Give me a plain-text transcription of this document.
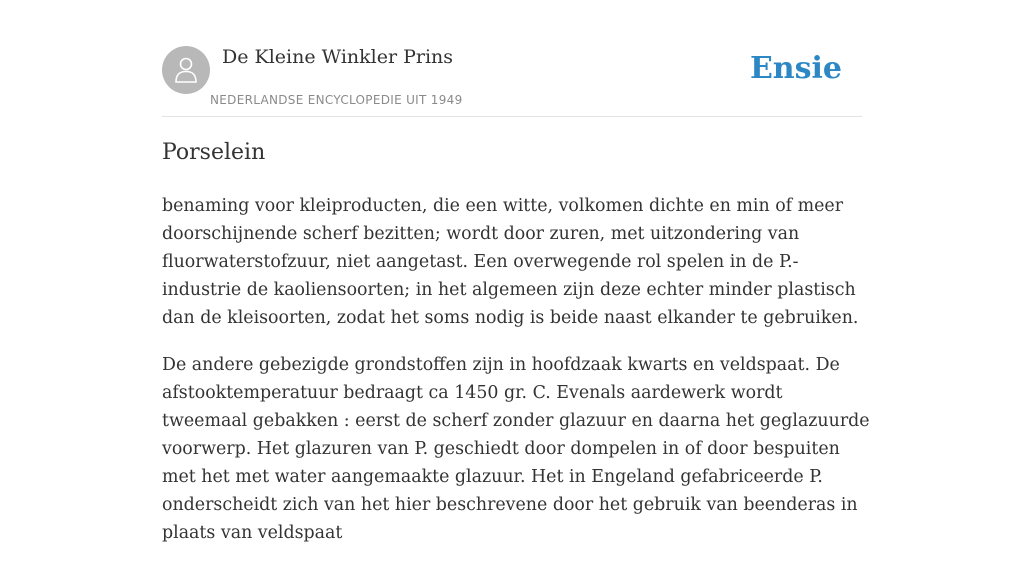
De Kleine Winkler Prins
NEDERLANDSE ENCYCLOPEDIE UIT 1949
Ensie
Porselein

benaming voor kleiproducten, die een witte, volkomen dichte en min of meer doorschijnende scherf bezitten; wordt door zuren, met uitzondering van fluorwaterstofzuur, niet aangetast. Een overwegende rol spelen in de P.-industrie de kaoliensoorten; in het algemeen zijn deze echter minder plastisch dan de kleisoorten, zodat het soms nodig is beide naast elkander te gebruiken.

De andere gebezigde grondstoffen zijn in hoofdzaak kwarts en veldspaat. De afstooktemperatuur bedraagt ca 1450 gr. C. Evenals aardewerk wordt tweemaal gebakken : eerst de scherf zonder glazuur en daarna het geglazuurde voorwerp. Het glazuren van P. geschiedt door dompelen in of door bespuiten met het met water aangemaakte glazuur. Het in Engeland gefabriceerde P. onderscheidt zich van het hier beschrevene door het gebruik van beenderas in plaats van veldspaat
